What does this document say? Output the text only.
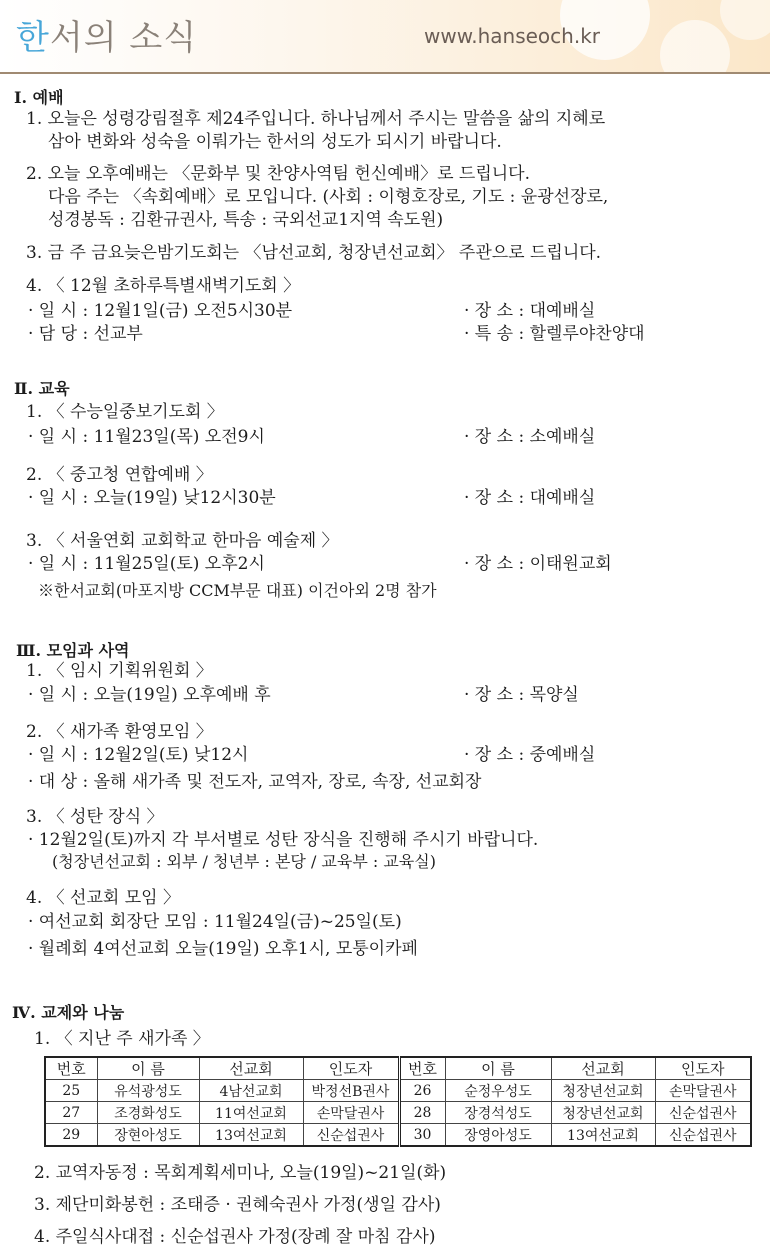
한서의 소식	www.hanseoch.kr
Ⅰ. 예배
1. 오늘은 성령강림절후 제24주입니다. 하나님께서 주시는 말씀을 삶의 지혜로
삼아 변화와 성숙을 이뤄가는 한서의 성도가 되시기 바랍니다.
2. 오늘 오후예배는 〈문화부 및 찬양사역팀 헌신예배〉로 드립니다.
다음 주는 〈속회예배〉로 모입니다. (사회 : 이형호장로, 기도 : 윤광선장로,
성경봉독 : 김환규권사, 특송 : 국외선교1지역 속도원)
3. 금 주 금요늦은밤기도회는 〈남선교회, 청장년선교회〉 주관으로 드립니다.
4. 〈 12월 초하루특별새벽기도회 〉
· 일 시 : 12월1일(금) 오전5시30분	· 장 소 : 대예배실
· 담 당 : 선교부	· 특 송 : 할렐루야찬양대
Ⅱ. 교육
1. 〈 수능일중보기도회 〉
· 일 시 : 11월23일(목) 오전9시	· 장 소 : 소예배실
2. 〈 중고청 연합예배 〉
· 일 시 : 오늘(19일) 낮12시30분	· 장 소 : 대예배실
3. 〈 서울연회 교회학교 한마음 예술제 〉
· 일 시 : 11월25일(토) 오후2시	· 장 소 : 이태원교회
※한서교회(마포지방 CCM부문 대표) 이건아외 2명 참가
Ⅲ. 모임과 사역
1. 〈 임시 기획위원회 〉
· 일 시 : 오늘(19일) 오후예배 후	· 장 소 : 목양실
2. 〈 새가족 환영모임 〉
· 일 시 : 12월2일(토) 낮12시	· 장 소 : 중예배실
· 대 상 : 올해 새가족 및 전도자, 교역자, 장로, 속장, 선교회장
3. 〈 성탄 장식 〉
· 12월2일(토)까지 각 부서별로 성탄 장식을 진행해 주시기 바랍니다.
(청장년선교회 : 외부 / 청년부 : 본당 / 교육부 : 교육실)
4. 〈 선교회 모임 〉
· 여선교회 회장단 모임 : 11월24일(금)~25일(토)
· 월례회 4여선교회 오늘(19일) 오후1시, 모퉁이카페
Ⅳ. 교제와 나눔
1. 〈 지난 주 새가족 〉
번호	이 름	선교회	인도자	번호	이 름	선교회	인도자
25	유석광성도	4남선교회	박정선B권사	26	순정우성도	청장년선교회	손막달권사
27	조경화성도	11여선교회	손막달권사	28	장경석성도	청장년선교회	신순섭권사
29	장현아성도	13여선교회	신순섭권사	30	장영아성도	13여선교회	신순섭권사
2. 교역자동정 : 목회계획세미나, 오늘(19일)~21일(화)
3. 제단미화봉헌 : 조태증 · 권혜숙권사 가정(생일 감사)
4. 주일식사대접 : 신순섭권사 가정(장례 잘 마침 감사)
